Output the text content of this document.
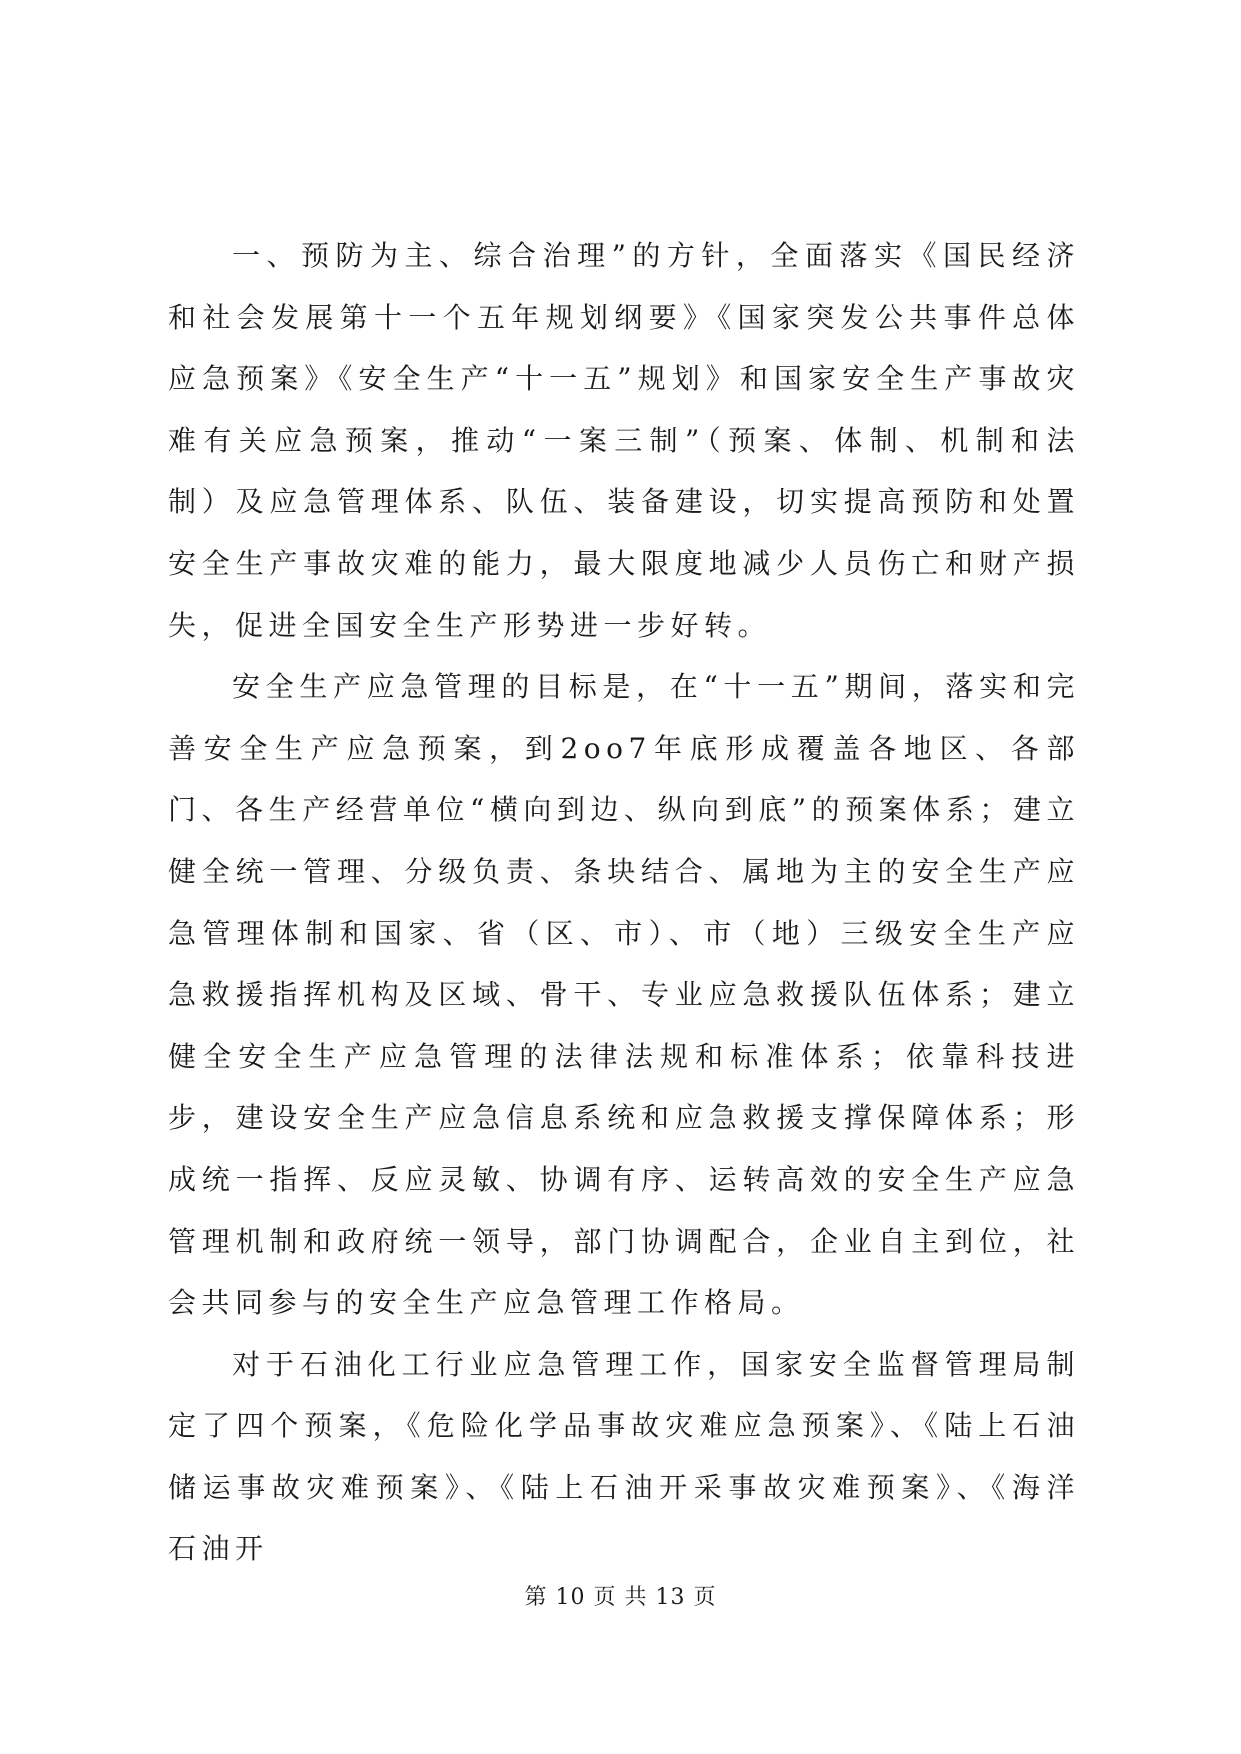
一、预防为主、综合治理”的方针，全面落实《国民经济和社会发展第十一个五年规划纲要》《国家突发公共事件总体应急预案》《安全生产“十一五”规划》和国家安全生产事故灾难有关应急预案，推动“一案三制”（预案、体制、机制和法制）及应急管理体系、队伍、装备建设，切实提高预防和处置安全生产事故灾难的能力，最大限度地减少人员伤亡和财产损失，促进全国安全生产形势进一步好转。

安全生产应急管理的目标是，在“十一五”期间，落实和完善安全生产应急预案，到2oo7年底形成覆盖各地区、各部门、各生产经营单位“横向到边、纵向到底”的预案体系；建立健全统一管理、分级负责、条块结合、属地为主的安全生产应急管理体制和国家、省（区、市）、市（地）三级安全生产应急救援指挥机构及区域、骨干、专业应急救援队伍体系；建立健全安全生产应急管理的法律法规和标准体系；依靠科技进步，建设安全生产应急信息系统和应急救援支撑保障体系；形成统一指挥、反应灵敏、协调有序、运转高效的安全生产应急管理机制和政府统一领导，部门协调配合，企业自主到位，社会共同参与的安全生产应急管理工作格局。

对于石油化工行业应急管理工作，国家安全监督管理局制定了四个预案，《危险化学品事故灾难应急预案》、《陆上石油储运事故灾难预案》、《陆上石油开采事故灾难预案》、《海洋石油开

第 10 页 共 13 页
